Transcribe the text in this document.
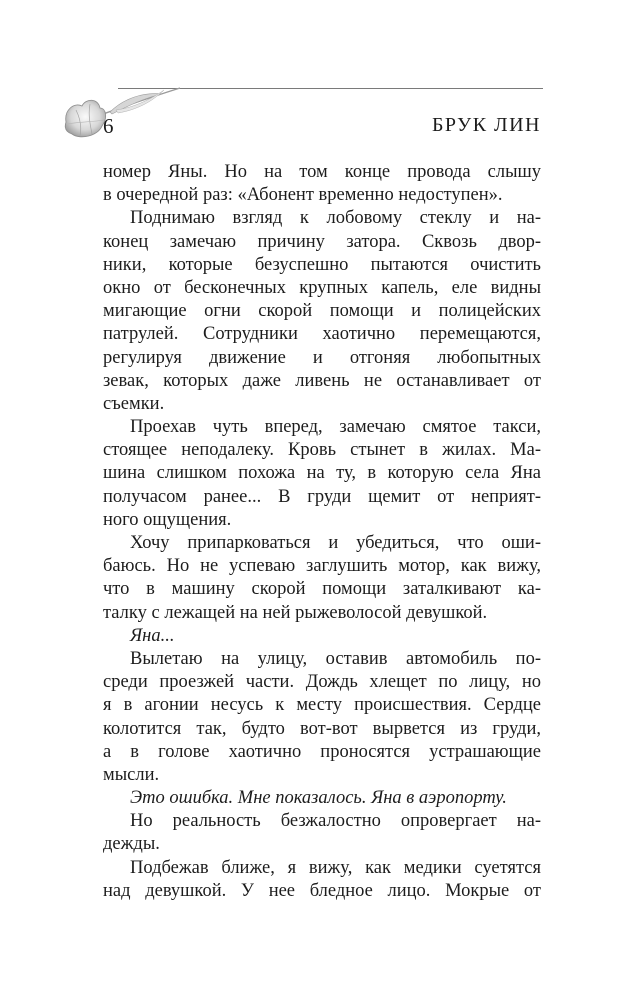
6	БРУК ЛИН
номер Яны. Но на том конце провода слышу
в очередной раз: «Абонент временно недоступен».
Поднимаю взгляд к лобовому стеклу и на-
конец замечаю причину затора. Сквозь двор-
ники, которые безуспешно пытаются очистить
окно от бесконечных крупных капель, еле видны
мигающие огни скорой помощи и полицейских
патрулей. Сотрудники хаотично перемещаются,
регулируя движение и отгоняя любопытных
зевак, которых даже ливень не останавливает от
съемки.
Проехав чуть вперед, замечаю смятое такси,
стоящее неподалеку. Кровь стынет в жилах. Ма-
шина слишком похожа на ту, в которую села Яна
получасом ранее... В груди щемит от неприят-
ного ощущения.
Хочу припарковаться и убедиться, что оши-
баюсь. Но не успеваю заглушить мотор, как вижу,
что в машину скорой помощи заталкивают ка-
талку с лежащей на ней рыжеволосой девушкой.
Яна...
Вылетаю на улицу, оставив автомобиль по-
среди проезжей части. Дождь хлещет по лицу, но
я в агонии несусь к месту происшествия. Сердце
колотится так, будто вот-вот вырвется из груди,
а в голове хаотично проносятся устрашающие
мысли.
Это ошибка. Мне показалось. Яна в аэропорту.
Но реальность безжалостно опровергает на-
дежды.
Подбежав ближе, я вижу, как медики суетятся
над девушкой. У нее бледное лицо. Мокрые от
